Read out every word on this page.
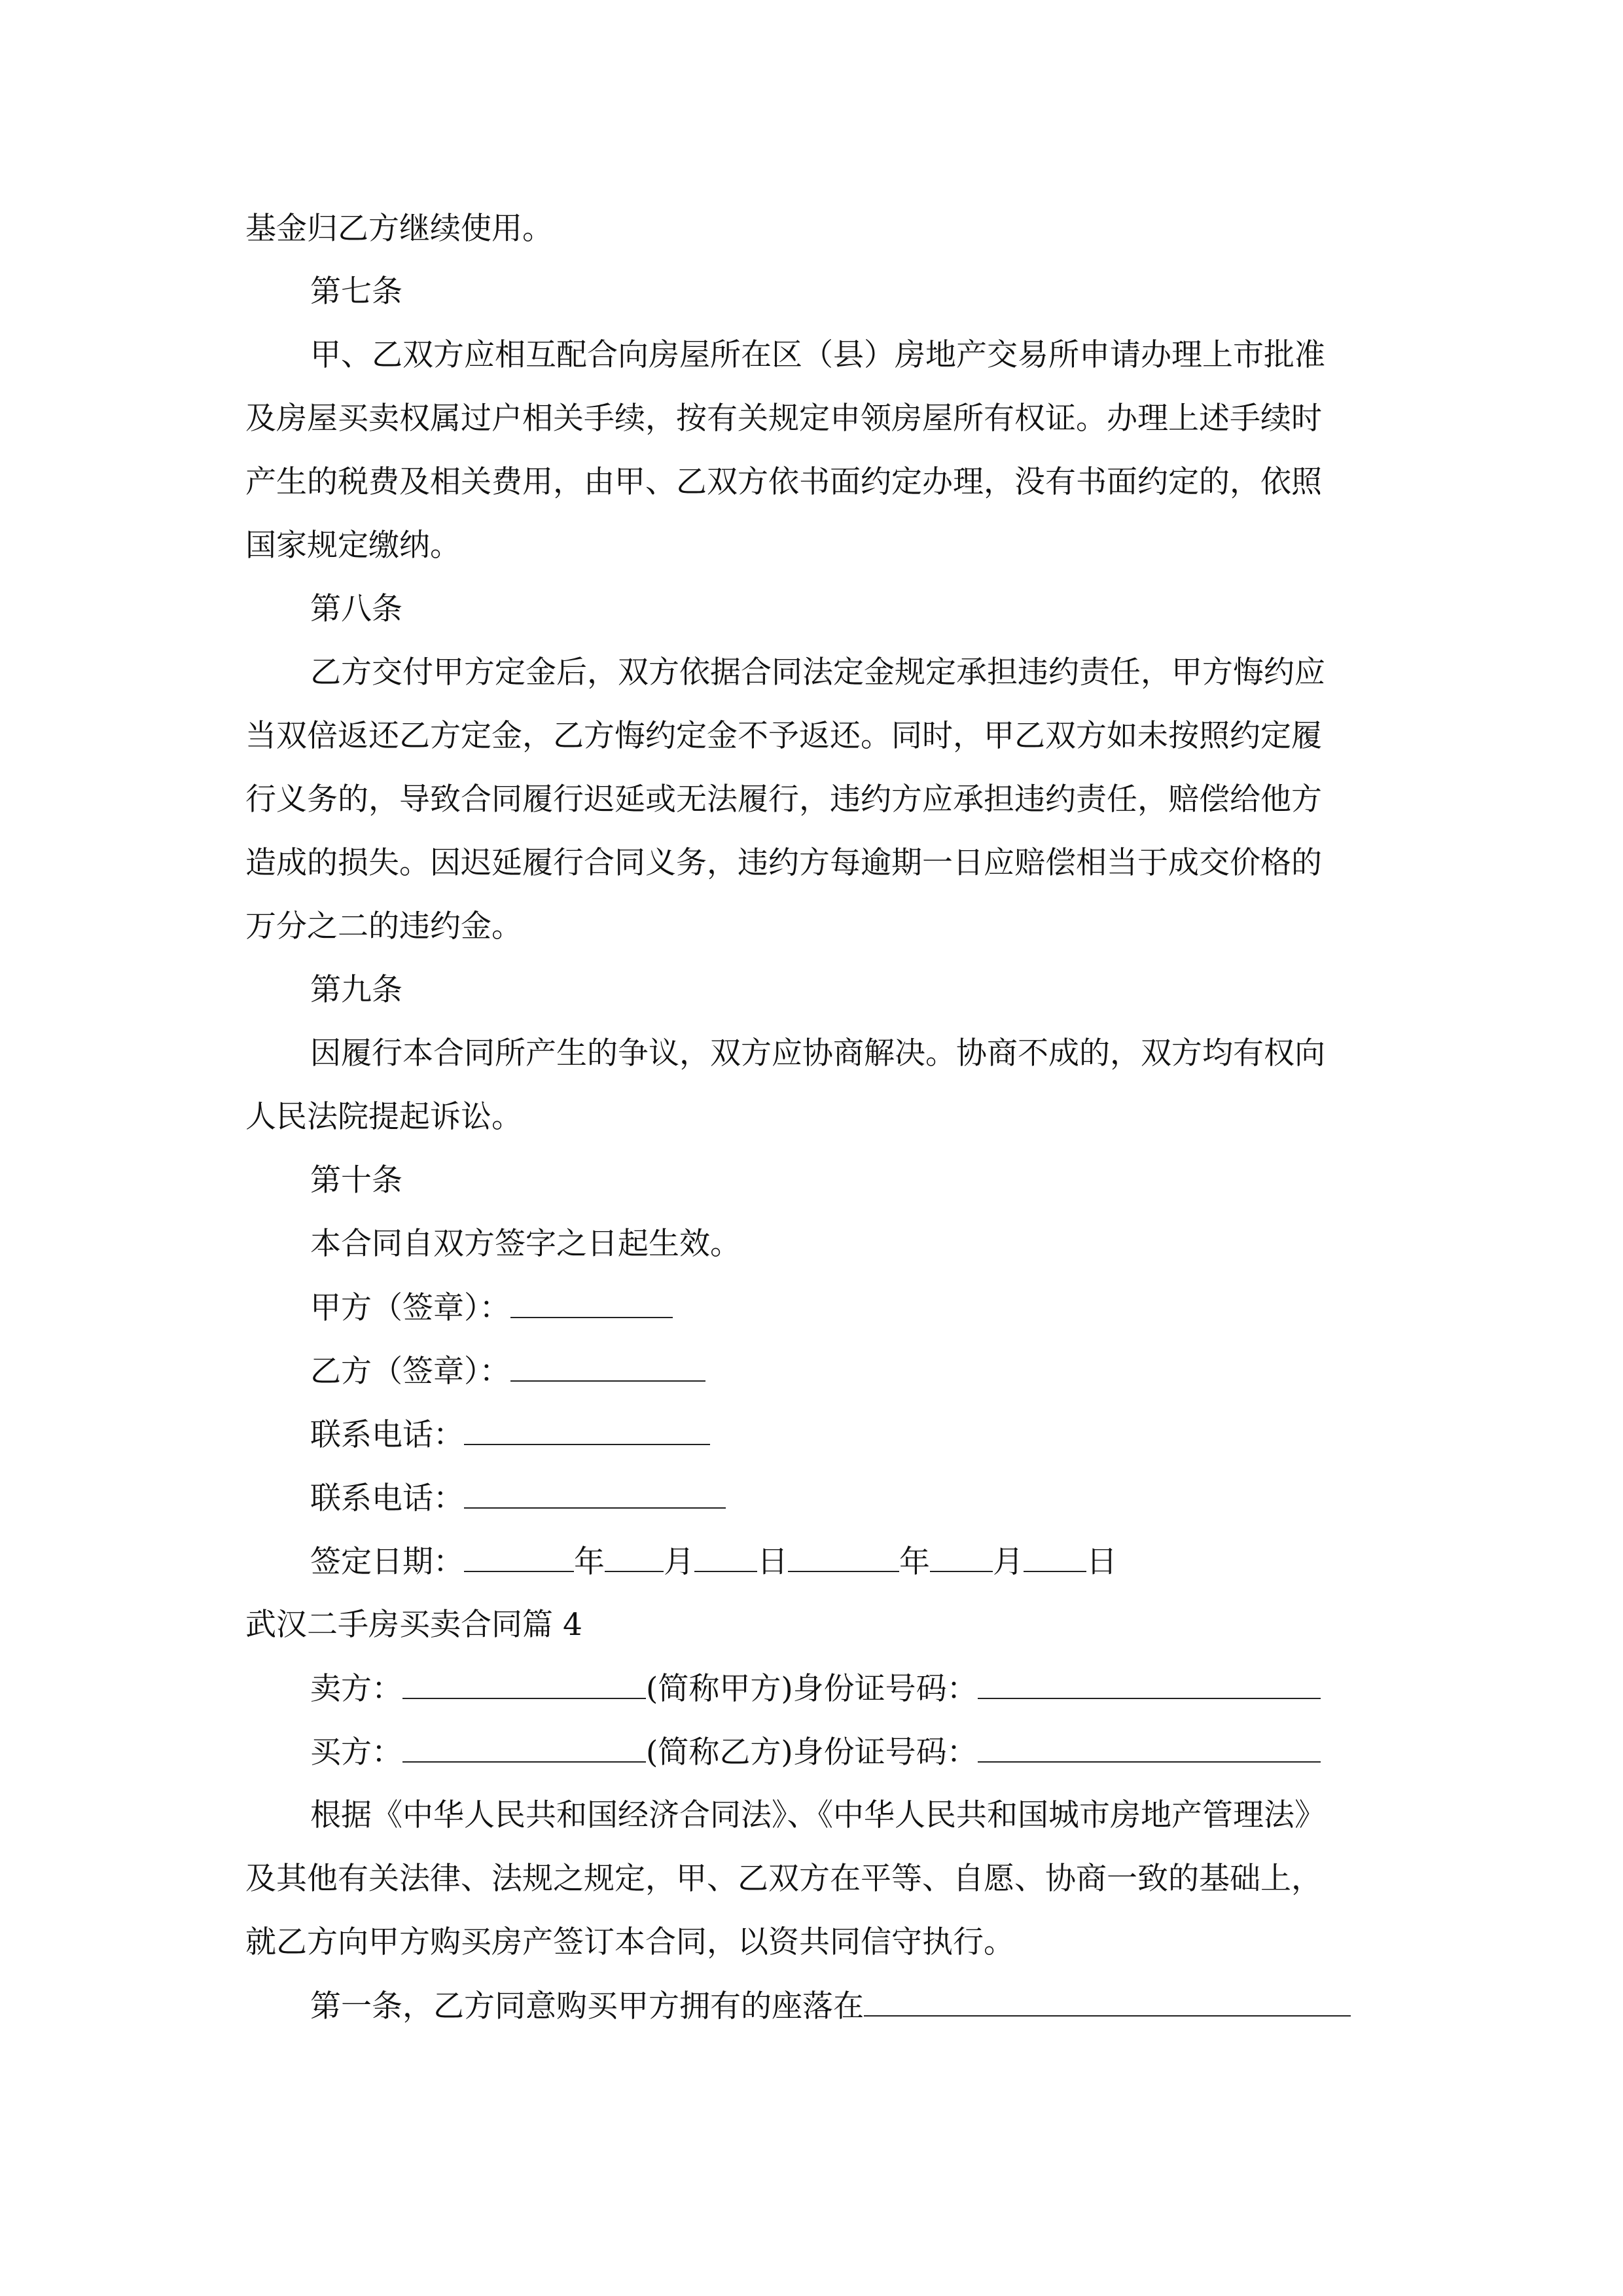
基金归乙方继续使用。
第七条
甲、乙双方应相互配合向房屋所在区（县）房地产交易所申请办理上市批准
及房屋买卖权属过户相关手续，按有关规定申领房屋所有权证。办理上述手续时
产生的税费及相关费用，由甲、乙双方依书面约定办理，没有书面约定的，依照
国家规定缴纳。
第八条
乙方交付甲方定金后，双方依据合同法定金规定承担违约责任，甲方悔约应
当双倍返还乙方定金，乙方悔约定金不予返还。同时，甲乙双方如未按照约定履
行义务的，导致合同履行迟延或无法履行，违约方应承担违约责任，赔偿给他方
造成的损失。因迟延履行合同义务，违约方每逾期一日应赔偿相当于成交价格的
万分之二的违约金。
第九条
因履行本合同所产生的争议，双方应协商解决。协商不成的，双方均有权向
人民法院提起诉讼。
第十条
本合同自双方签字之日起生效。
甲方（签章）：
乙方（签章）：
联系电话：
联系电话：
签定日期：	年 月 日	年 月 日
武汉二手房买卖合同篇 4
卖方：	(简称甲方)身份证号码：
买方：	(简称乙方)身份证号码：
根据《中华人民共和国经济合同法》、《中华人民共和国城市房地产管理法》
及其他有关法律、法规之规定，甲、乙双方在平等、自愿、协商一致的基础上，
就乙方向甲方购买房产签订本合同，以资共同信守执行。
第一条，乙方同意购买甲方拥有的座落在
